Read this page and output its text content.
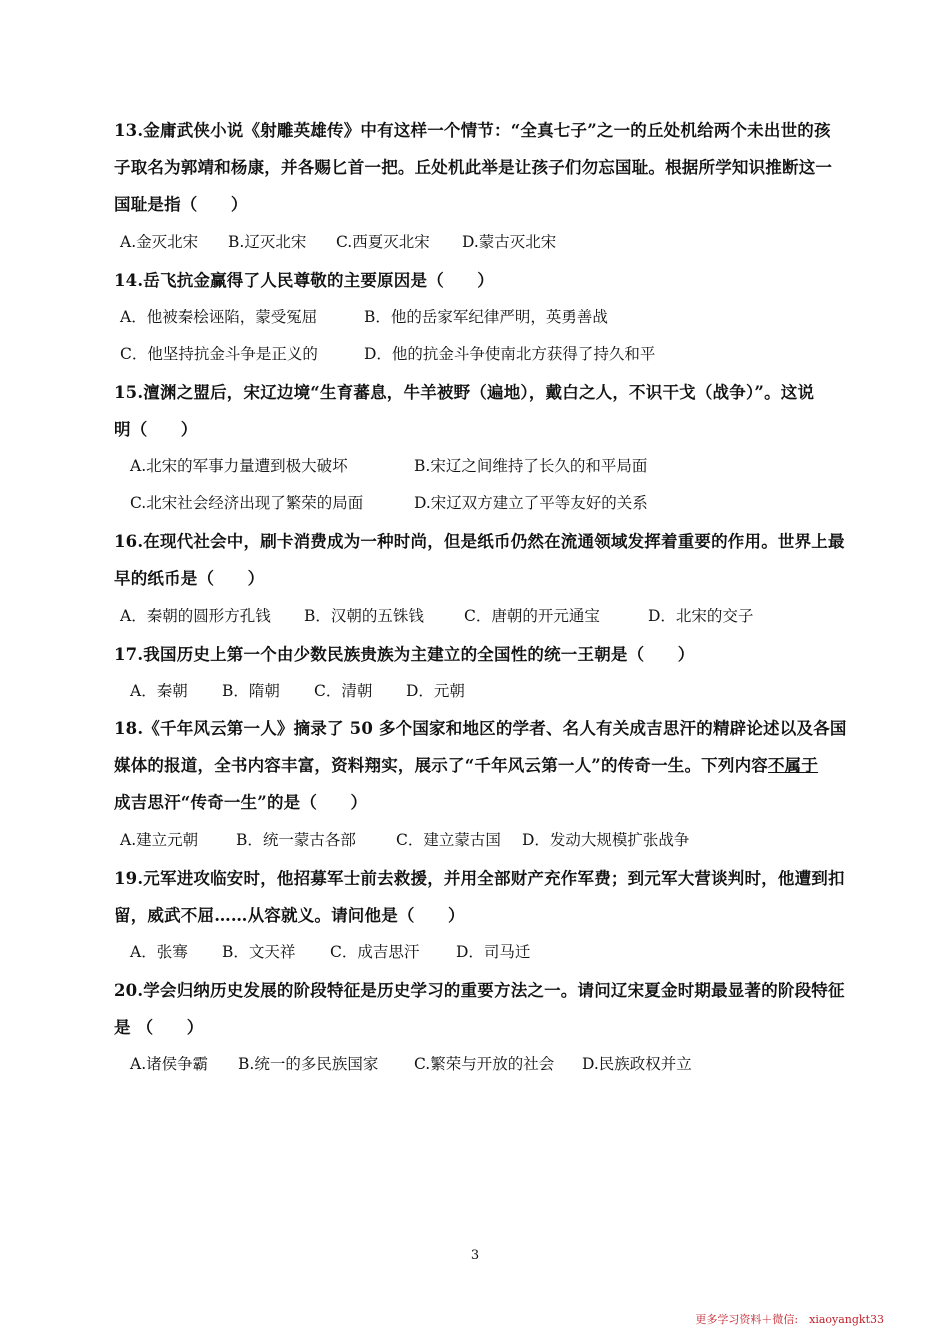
13.金庸武侠小说《射雕英雄传》中有这样一个情节：“全真七子”之一的丘处机给两个未出世的孩
子取名为郭靖和杨康，并各赐匕首一把。丘处机此举是让孩子们勿忘国耻。根据所学知识推断这一
国耻是指（　　）
A.金灭北宋 B.辽灭北宋 C.西夏灭北宋 D.蒙古灭北宋
14.岳飞抗金赢得了人民尊敬的主要原因是（　　）
A．他被秦桧诬陷，蒙受冤屈	B．他的岳家军纪律严明，英勇善战
C．他坚持抗金斗争是正义的	D．他的抗金斗争使南北方获得了持久和平
15.澶渊之盟后，宋辽边境“生育蕃息，牛羊被野（遍地），戴白之人，不识干戈（战争）”。这说
明（　　）
A.北宋的军事力量遭到极大破坏	B.宋辽之间维持了长久的和平局面
C.北宋社会经济出现了繁荣的局面	D.宋辽双方建立了平等友好的关系
16.在现代社会中，刷卡消费成为一种时尚，但是纸币仍然在流通领域发挥着重要的作用。世界上最
早的纸币是（　　）
A．秦朝的圆形方孔钱 B．汉朝的五铢钱	C．唐朝的开元通宝	D．北宋的交子
17.我国历史上第一个由少数民族贵族为主建立的全国性的统一王朝是（　　）
A．秦朝 B．隋朝 C．清朝 D．元朝
18.《千年风云第一人》摘录了 50 多个国家和地区的学者、名人有关成吉思汗的精辟论述以及各国
媒体的报道，全书内容丰富，资料翔实，展示了“千年风云第一人”的传奇一生。下列内容不属于
成吉思汗“传奇一生”的是（　　）
A.建立元朝 B．统一蒙古各部	C．建立蒙古国 D．发动大规模扩张战争
19.元军进攻临安时，他招募军士前去救援，并用全部财产充作军费；到元军大营谈判时，他遭到扣
留，威武不屈……从容就义。请问他是（　　）
A．张骞 B．文天祥 C．成吉思汗 D．司马迁
20.学会归纳历史发展的阶段特征是历史学习的重要方法之一。请问辽宋夏金时期最显著的阶段特征
是 （　　）
A.诸侯争霸 B.统一的多民族国家 C.繁荣与开放的社会 D.民族政权并立
3
更多学习资料＋微信:　xiaoyangkt33
